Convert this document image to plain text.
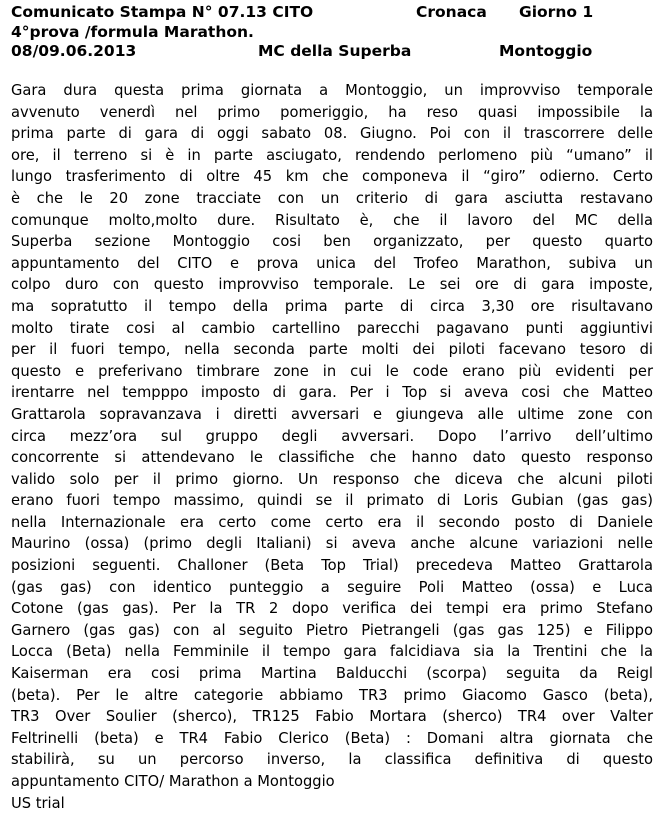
Comunicato Stampa N° 07.13 CITO	Cronaca Giorno 1
4°prova /formula Marathon.
08/09.06.2013	MC della Superba	Montoggio
Gara dura questa prima giornata a Montoggio, un improvviso temporale
avvenuto venerdì nel primo pomeriggio, ha reso quasi impossibile la
prima parte di gara di oggi sabato 08. Giugno. Poi con il trascorrere delle
ore, il terreno si è in parte asciugato, rendendo perlomeno più “umano” il
lungo trasferimento di oltre 45 km che componeva il “giro” odierno. Certo
è che le 20 zone tracciate con un criterio di gara asciutta restavano
comunque molto,molto dure. Risultato è, che il lavoro del MC della
Superba sezione Montoggio cosi ben organizzato, per questo quarto
appuntamento del CITO e prova unica del Trofeo Marathon, subiva un
colpo duro con questo improvviso temporale. Le sei ore di gara imposte,
ma sopratutto il tempo della prima parte di circa 3,30 ore risultavano
molto tirate cosi al cambio cartellino parecchi pagavano punti aggiuntivi
per il fuori tempo, nella seconda parte molti dei piloti facevano tesoro di
questo e preferivano timbrare zone in cui le code erano più evidenti per
irentarre nel tempppo imposto di gara. Per i Top si aveva cosi che Matteo
Grattarola sopravanzava i diretti avversari e giungeva alle ultime zone con
circa mezz’ora sul gruppo degli avversari. Dopo l’arrivo dell’ultimo
concorrente si attendevano le classifiche che hanno dato questo responso
valido solo per il primo giorno. Un responso che diceva che alcuni piloti
erano fuori tempo massimo, quindi se il primato di Loris Gubian (gas gas)
nella Internazionale era certo come certo era il secondo posto di Daniele
Maurino (ossa) (primo degli Italiani) si aveva anche alcune variazioni nelle
posizioni seguenti. Challoner (Beta Top Trial) precedeva Matteo Grattarola
(gas gas) con identico punteggio a seguire Poli Matteo (ossa) e Luca
Cotone (gas gas). Per la TR 2 dopo verifica dei tempi era primo Stefano
Garnero (gas gas) con al seguito Pietro Pietrangeli (gas gas 125) e Filippo
Locca (Beta) nella Femminile il tempo gara falcidiava sia la Trentini che la
Kaiserman era cosi prima Martina Balducchi (scorpa) seguita da Reigl
(beta). Per le altre categorie abbiamo TR3 primo Giacomo Gasco (beta),
TR3 Over Soulier (sherco), TR125 Fabio Mortara (sherco) TR4 over Valter
Feltrinelli (beta) e TR4 Fabio Clerico (Beta) : Domani altra giornata che
stabilirà, su un percorso inverso, la classifica definitiva di questo
appuntamento CITO/ Marathon a Montoggio
US trial
